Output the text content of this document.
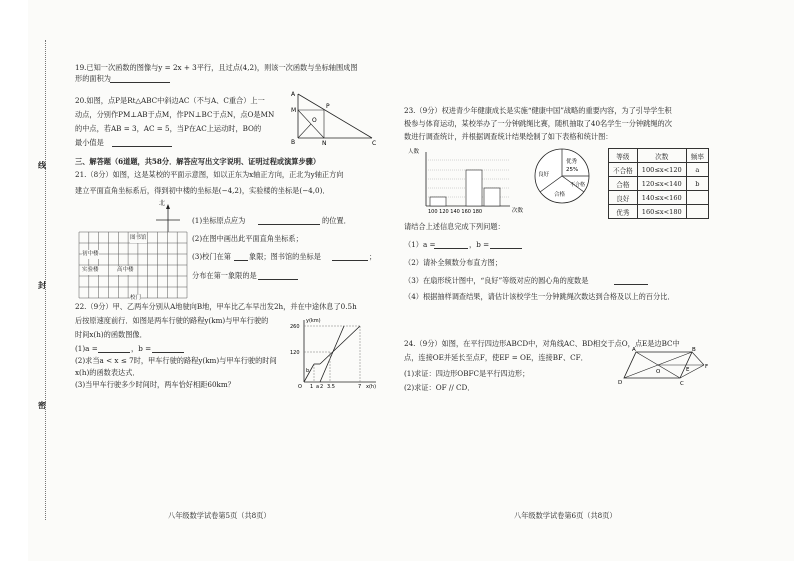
线
封
密
19.已知一次函数的图像与y = 2x + 3平行，且过点(4,2)，则该一次函数与坐标轴围成图
形的面积为
20.如图，点P是Rt△ABC中斜边AC（不与A、C重合）上一
动点，分别作PM⊥AB于点M，作PN⊥BC于点N，点O是MN
的中点，若AB = 3，AC = 5，当P在AC上运动时，BO的
最小值是
A
M
P
O
B	N	C
三、解答题（6道题，共58分．解答应写出文字说明、证明过程或演算步骤）
21.（8分）如图，这是某校的平面示意图，如以正东为x轴正方向，正北为y轴正方向
建立平面直角坐标系后，得到初中楼的坐标是(−4,2)，实验楼的坐标是(−4,0)．
北
图书馆
初中楼
实验楼	高中楼
校门
(1)坐标原点应为	的位置．
(2)在图中画出此平面直角坐标系；
(3)校门在第	象限；图书馆的坐标是	；
分布在第一象限的是
22.（9分）甲、乙两车分别从A地驶向B地，甲车比乙车早出发2h，并在中途休息了0.5h
后按原速度前行．如图是两车行驶的路程y(km)与甲车行驶的
时间x(h)的函数图像．
(1)a =	，b =
(2)求当a < x ≤ 7时，甲车行驶的路程y(km)与甲车行驶的时间
x(h)的函数表达式．
(3)当甲车行驶多少时间时，两车恰好相距60km？
y(km)
260
120
O 1 a 2 3.5	7 x(h)
b
八年级数学试卷第5页（共8页）
23.（9分）权进青少年健康成长是实施“健康中国”战略的重要内容，为了引导学生积
极参与体育运动，某校举办了一分钟跳绳比赛，随机抽取了40名学生一分钟跳绳的次
数进行调查统计，并根据调查统计结果绘制了如下表格和统计图：
人数
100 120 140 160 180	次数
优秀
25%
良好
不合格
合格
等级	次数	频率
不合格	100≤x<120	a
合格	120≤x<140	b
良好	140≤x<160	
优秀	160≤x<180	
请结合上述信息完成下列问题：
（1）a =	，b =
（2）请补全频数分布直方图；
（3）在扇形统计图中，“良好”等级对应的圆心角的度数是
（4）根据抽样调查结果，请估计该校学生一分钟跳绳次数达到合格及以上的百分比．
24.（9分）如图，在平行四边形ABCD中，对角线AC、BD相交于点O，点E是边BC中
点，连接OE并延长至点F，使EF = OE，连接BF、CF．
(1)求证：四边形OBFC是平行四边形；
(2)求证：OF // CD．
A	B
C
D
O	E	F
八年级数学试卷第6页（共8页）
